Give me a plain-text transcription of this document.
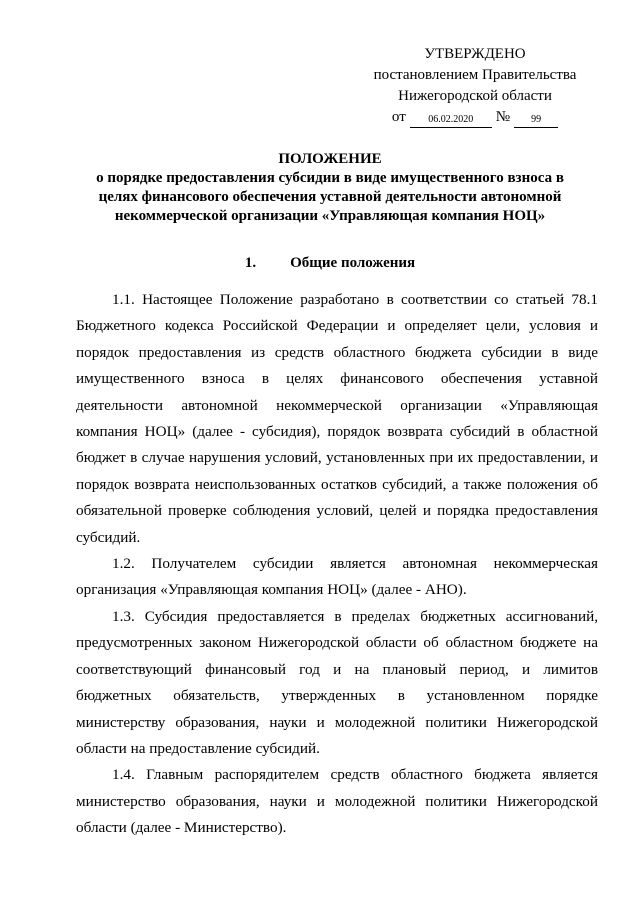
УТВЕРЖДЕНО
постановлением Правительства
Нижегородской области
от	06.02.2020	№	99
ПОЛОЖЕНИЕ
о порядке предоставления субсидии в виде имущественного взноса в целях финансового обеспечения уставной деятельности автономной некоммерческой организации «Управляющая компания НОЦ»
1. Общие положения

1.1. Настоящее Положение разработано в соответствии со статьей 78.1 Бюджетного кодекса Российской Федерации и определяет цели, условия и порядок предоставления из средств областного бюджета субсидии в виде имущественного взноса в целях финансового обеспечения уставной деятельности автономной некоммерческой организации «Управляющая компания НОЦ» (далее - субсидия), порядок возврата субсидий в областной бюджет в случае нарушения условий, установленных при их предоставлении, и порядок возврата неиспользованных остатков субсидий, а также положения об обязательной проверке соблюдения условий, целей и порядка предоставления субсидий.

1.2. Получателем субсидии является автономная некоммерческая организация «Управляющая компания НОЦ» (далее - АНО).

1.3. Субсидия предоставляется в пределах бюджетных ассигнований, предусмотренных законом Нижегородской области об областном бюджете на соответствующий финансовый год и на плановый период, и лимитов бюджетных обязательств, утвержденных в установленном порядке министерству образования, науки и молодежной политики Нижегородской области на предоставление субсидий.

1.4. Главным распорядителем средств областного бюджета является министерство образования, науки и молодежной политики Нижегородской области (далее - Министерство).
